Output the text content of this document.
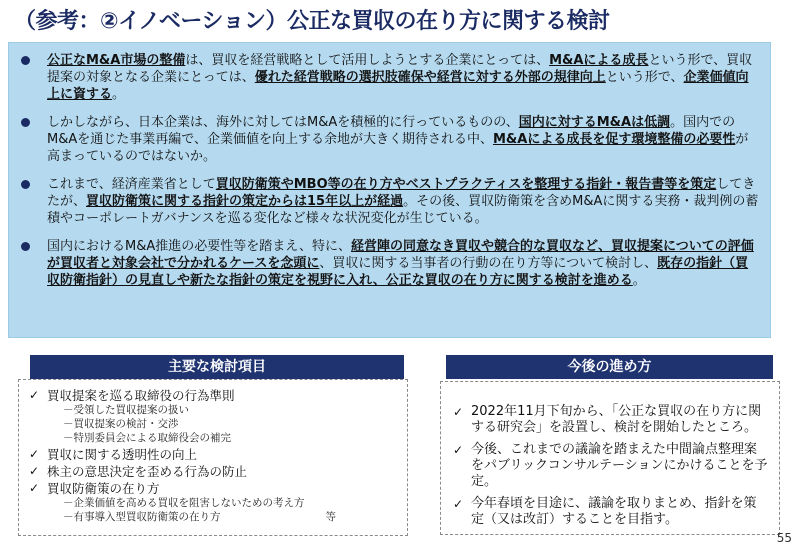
（参考：②イノベーション）公正な買収の在り方に関する検討
公正なM&A市場の整備は、買収を経営戦略として活用しようとする企業にとっては、M&Aによる成長という形で、買収提案の対象となる企業にとっては、優れた経営戦略の選択肢確保や経営に対する外部の規律向上という形で、企業価値向上に資する。
しかしながら、日本企業は、海外に対してはM&Aを積極的に行っているものの、国内に対するM&Aは低調。国内でのM&Aを通じた事業再編で、企業価値を向上する余地が大きく期待される中、M&Aによる成長を促す環境整備の必要性が高まっているのではないか。
これまで、経済産業省として買収防衛策やMBO等の在り方やベストプラクティスを整理する指針・報告書等を策定してきたが、買収防衛策に関する指針の策定からは15年以上が経過。その後、買収防衛策を含めM&Aに関する実務・裁判例の蓄積やコーポレートガバナンスを巡る変化など様々な状況変化が生じている。
国内におけるM&A推進の必要性等を踏まえ、特に、経営陣の同意なき買収や競合的な買収など、買収提案についての評価が買収者と対象会社で分かれるケースを念頭に、買収に関する当事者の行動の在り方等について検討し、既存の指針（買収防衛指針）の見直しや新たな指針の策定を視野に入れ、公正な買収の在り方に関する検討を進める。
主要な検討項目
✓ 買収提案を巡る取締役の行為準則
－受領した買収提案の扱い
－買収提案の検討・交渉
－特別委員会による取締役会の補完
✓ 買収に関する透明性の向上
✓ 株主の意思決定を歪める行為の防止
✓ 買収防衛策の在り方
－企業価値を高める買収を阻害しないための考え方
－有事導入型買収防衛策の在り方　　　　　　　　　　等
今後の進め方
✓ 2022年11月下旬から、「公正な買収の在り方に関する研究会」を設置し、検討を開始したところ。
✓ 今後、これまでの議論を踏まえた中間論点整理案をパブリックコンサルテーションにかけることを予定。
✓ 今年春頃を目途に、議論を取りまとめ、指針を策定（又は改訂）することを目指す。
55
